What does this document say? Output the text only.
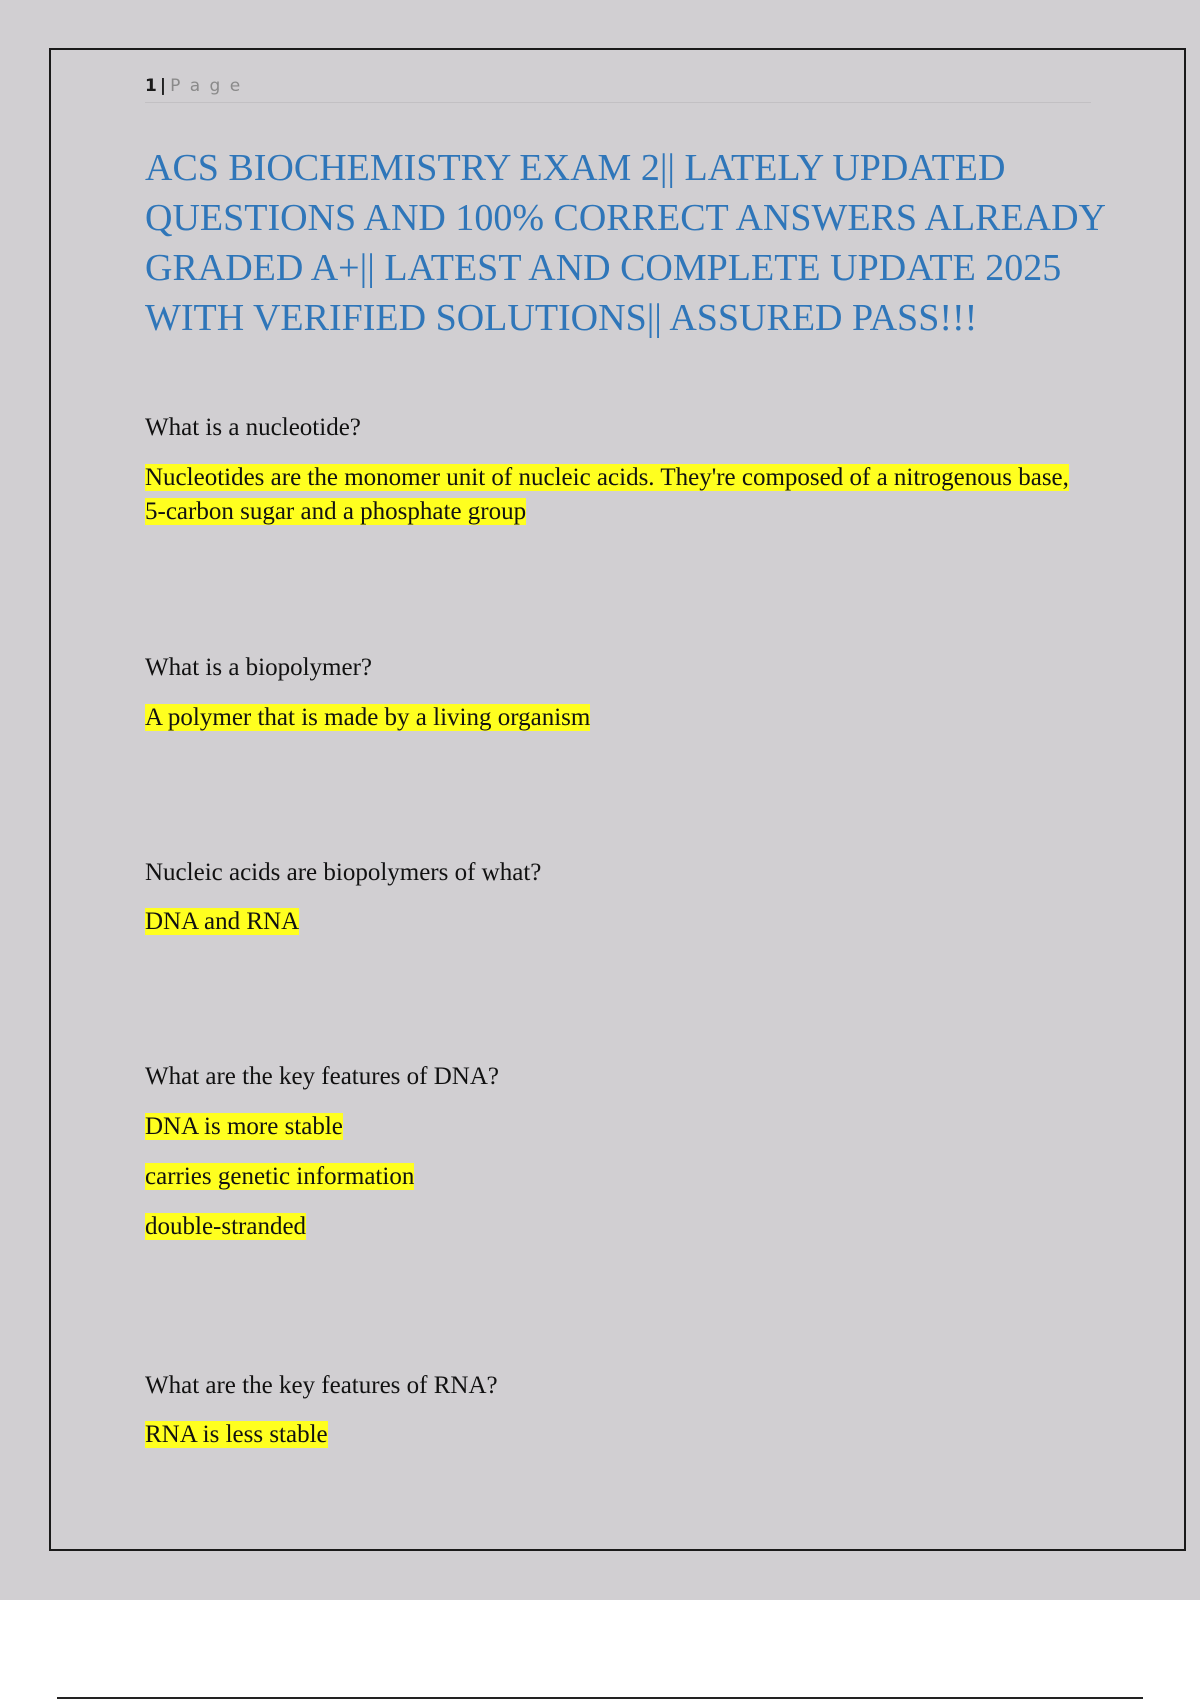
1 | P a g e
ACS BIOCHEMISTRY EXAM 2|| LATELY UPDATED QUESTIONS AND 100% CORRECT ANSWERS ALREADY GRADED A+|| LATEST AND COMPLETE UPDATE 2025 WITH VERIFIED SOLUTIONS|| ASSURED PASS!!!

What is a nucleotide?

Nucleotides are the monomer unit of nucleic acids. They're composed of a nitrogenous base, 5-carbon sugar and a phosphate group

What is a biopolymer?

A polymer that is made by a living organism

Nucleic acids are biopolymers of what?

DNA and RNA

What are the key features of DNA?

DNA is more stable

carries genetic information

double-stranded

What are the key features of RNA?

RNA is less stable
